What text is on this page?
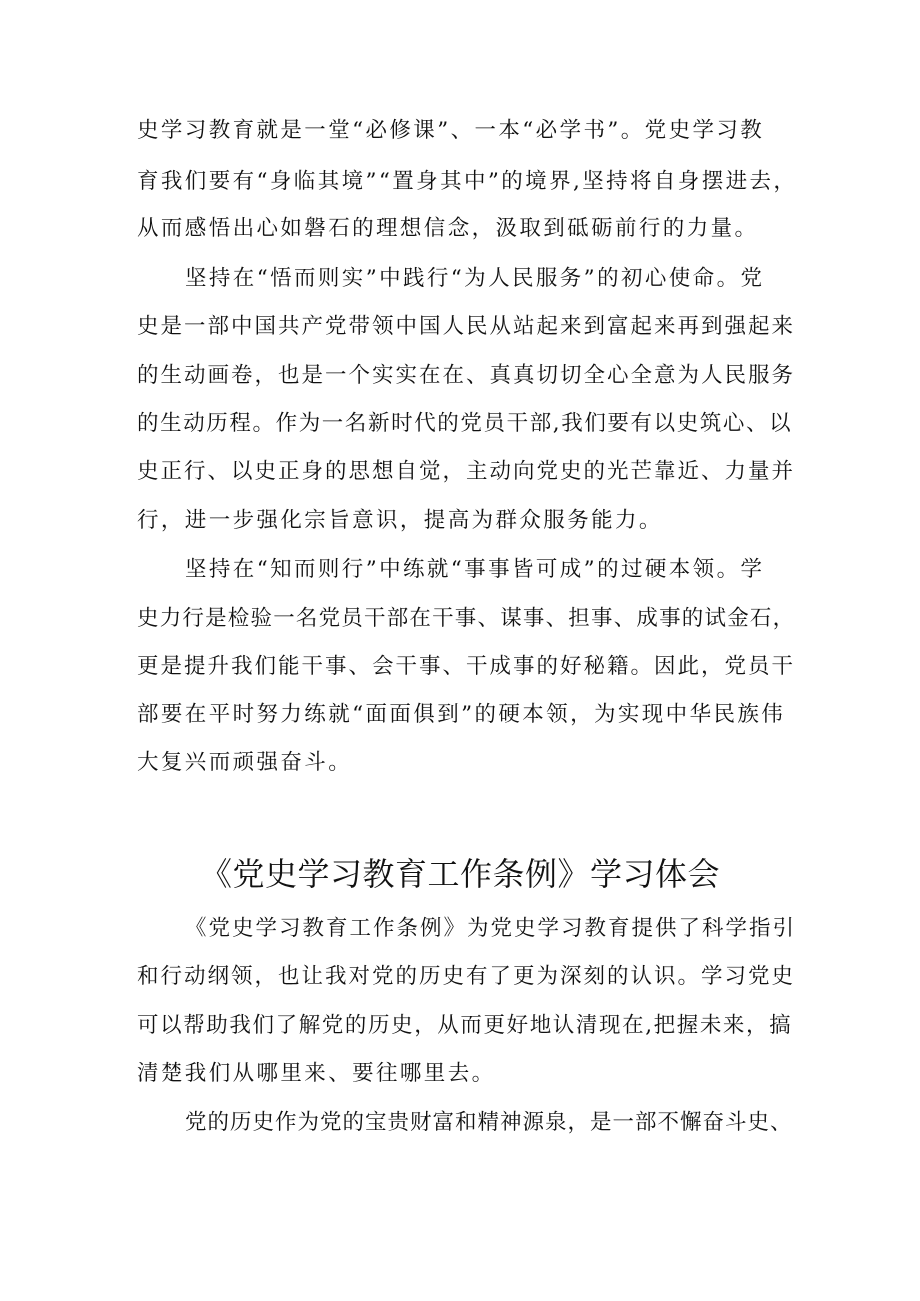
史学习教育就是一堂“必修课”、一本“必学书”。党史学习教

育我们要有“身临其境”“置身其中”的境界,坚持将自身摆进去，

从而感悟出心如磐石的理想信念，汲取到砥砺前行的力量。

坚持在“悟而则实”中践行“为人民服务”的初心使命。党

史是一部中国共产党带领中国人民从站起来到富起来再到强起来

的生动画卷，也是一个实实在在、真真切切全心全意为人民服务

的生动历程。作为一名新时代的党员干部,我们要有以史筑心、以

史正行、以史正身的思想自觉，主动向党史的光芒靠近、力量并

行，进一步强化宗旨意识，提高为群众服务能力。

坚持在“知而则行”中练就“事事皆可成”的过硬本领。学

史力行是检验一名党员干部在干事、谋事、担事、成事的试金石，

更是提升我们能干事、会干事、干成事的好秘籍。因此，党员干

部要在平时努力练就“面面俱到”的硬本领，为实现中华民族伟

大复兴而顽强奋斗。

《党史学习教育工作条例》学习体会

《党史学习教育工作条例》为党史学习教育提供了科学指引

和行动纲领，也让我对党的历史有了更为深刻的认识。学习党史

可以帮助我们了解党的历史，从而更好地认清现在,把握未来，搞

清楚我们从哪里来、要往哪里去。

党的历史作为党的宝贵财富和精神源泉，是一部不懈奋斗史、
